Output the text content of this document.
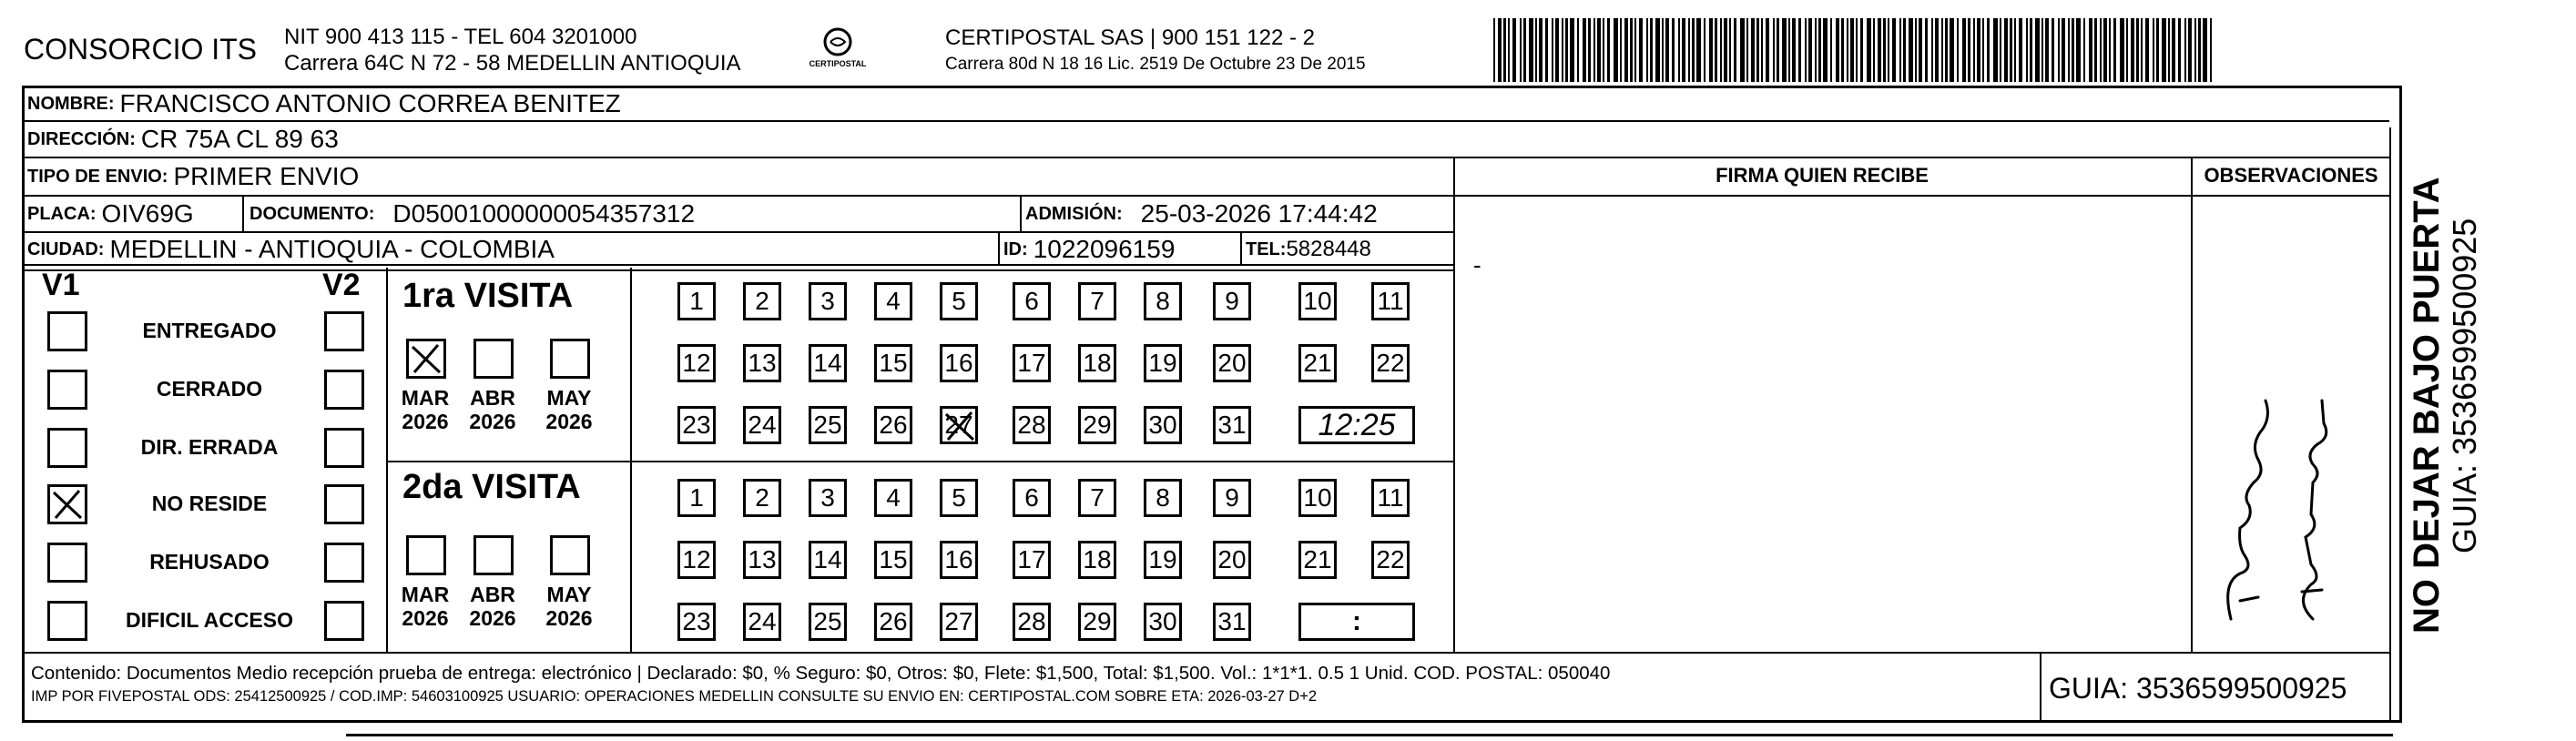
CONSORCIO ITS NIT 900 413 115 - TEL 604 3201000
Carrera 64C N 72 - 58 MEDELLIN ANTIOQUIA	CERTIPOSTAL
CERTIPOSTAL SAS | 900 151 122 - 2
Carrera 80d N 18 16 Lic. 2519 De Octubre 23 De 2015
NOMBRE: FRANCISCO ANTONIO CORREA BENITEZ
DIRECCIÓN: CR 75A CL 89 63
TIPO DE ENVIO: PRIMER ENVIO	FIRMA QUIEN RECIBE	OBSERVACIONES
-
PLACA: OIV69G	DOCUMENTO: D05001000000054357312	ADMISIÓN: 25-03-2026 17:44:42
CIUDAD: MEDELLIN - ANTIOQUIA - COLOMBIA	ID: 1022096159	TEL: 5828448
V1	V2
ENTREGADO
CERRADO
DIR. ERRADA
NO RESIDE
REHUSADO
DIFICIL ACCESO
1ra VISITA
MAR
2026
ABR
2026
MAY
2026
1 2 3 4 5 6 7 8 9	10 11
12 13 14 15 16 17 18 19 20 21 22
23 24 25 26 27 28 29 30 31 12:25
2da VISITA
MAR
2026
ABR
2026
MAY
2026
1 2 3 4 5 6 7 8 9	10 11
12 13 14 15 16 17 18 19 20 21 22
23 24 25 26 27 28 29 30 31	:
Contenido: Documentos Medio recepción prueba de entrega: electrónico | Declarado: $0, % Seguro: $0, Otros: $0, Flete: $1,500, Total: $1,500. Vol.: 1*1*1. 0.5 1 Unid. COD. POSTAL: 050040
IMP POR FIVEPOSTAL ODS: 25412500925 / COD.IMP: 54603100925 USUARIO: OPERACIONES MEDELLIN CONSULTE SU ENVIO EN: CERTIPOSTAL.COM SOBRE ETA: 2026-03-27 D+2	GUIA: 3536599500925
NO DEJAR BAJO PUERTA GUIA: 3536599500925
